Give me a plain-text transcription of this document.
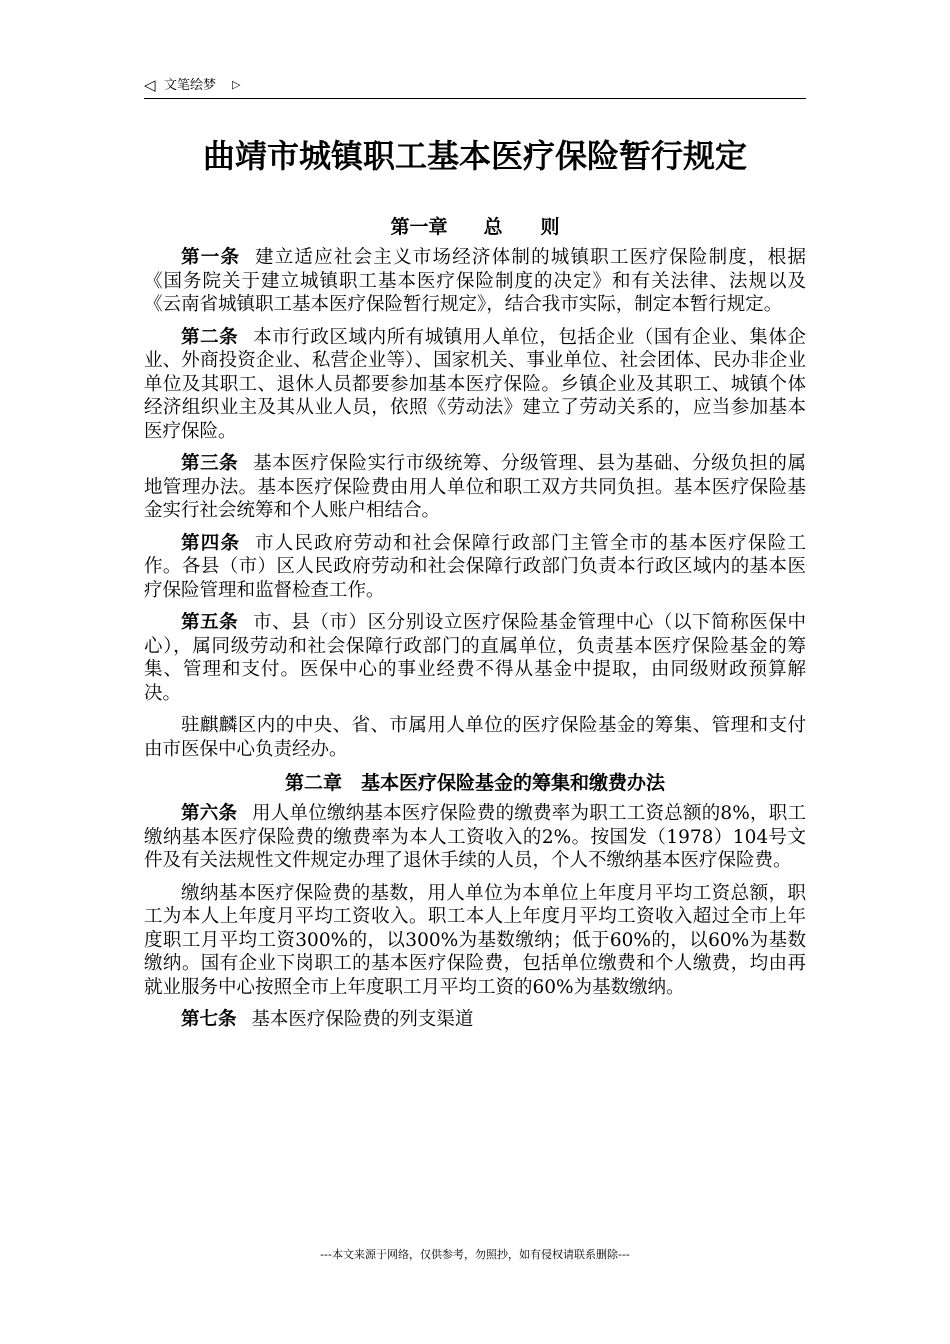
◁ 文笔绘梦 ▷
曲靖市城镇职工基本医疗保险暂行规定
第一章 总　　则

第一条 建立适应社会主义市场经济体制的城镇职工医疗保险制度，根据《国务院关于建立城镇职工基本医疗保险制度的决定》和有关法律、法规以及《云南省城镇职工基本医疗保险暂行规定》，结合我市实际，制定本暂行规定。

第二条 本市行政区域内所有城镇用人单位，包括企业（国有企业、集体企业、外商投资企业、私营企业等）、国家机关、事业单位、社会团体、民办非企业单位及其职工、退休人员都要参加基本医疗保险。乡镇企业及其职工、城镇个体经济组织业主及其从业人员，依照《劳动法》建立了劳动关系的，应当参加基本医疗保险。

第三条 基本医疗保险实行市级统筹、分级管理、县为基础、分级负担的属地管理办法。基本医疗保险费由用人单位和职工双方共同负担。基本医疗保险基金实行社会统筹和个人账户相结合。

第四条 市人民政府劳动和社会保障行政部门主管全市的基本医疗保险工作。各县（市）区人民政府劳动和社会保障行政部门负责本行政区域内的基本医疗保险管理和监督检查工作。

第五条 市、县（市）区分别设立医疗保险基金管理中心（以下简称医保中心），属同级劳动和社会保障行政部门的直属单位，负责基本医疗保险基金的筹集、管理和支付。医保中心的事业经费不得从基金中提取，由同级财政预算解决。

驻麒麟区内的中央、省、市属用人单位的医疗保险基金的筹集、管理和支付由市医保中心负责经办。

第二章　基本医疗保险基金的筹集和缴费办法

第六条 用人单位缴纳基本医疗保险费的缴费率为职工工资总额的8%，职工缴纳基本医疗保险费的缴费率为本人工资收入的2%。按国发（1978）104号文件及有关法规性文件规定办理了退休手续的人员，个人不缴纳基本医疗保险费。

缴纳基本医疗保险费的基数，用人单位为本单位上年度月平均工资总额，职工为本人上年度月平均工资收入。职工本人上年度月平均工资收入超过全市上年度职工月平均工资300%的，以300%为基数缴纳；低于60%的，以60%为基数缴纳。国有企业下岗职工的基本医疗保险费，包括单位缴费和个人缴费，均由再就业服务中心按照全市上年度职工月平均工资的60%为基数缴纳。

第七条 基本医疗保险费的列支渠道

---本文来源于网络，仅供参考，勿照抄，如有侵权请联系删除---
